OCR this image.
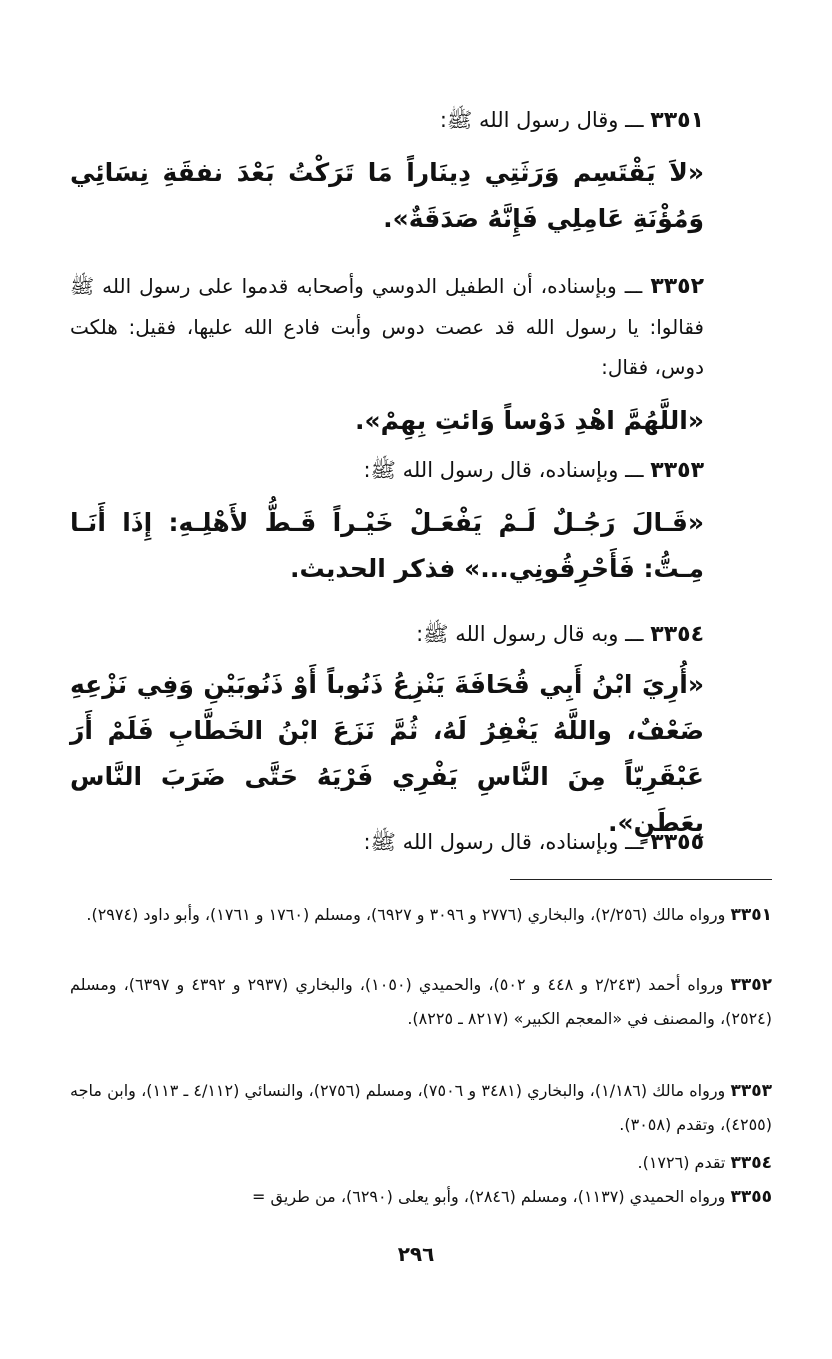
٣٣٥١ ـــ وقال رسول الله ﷺ:
«لاَ يَقْتَسِم وَرَثَتِي دِينَاراً مَا تَرَكْتُ بَعْدَ نفقَةِ نِسَائِي وَمُؤْنَةِ عَامِلِي فَإِنَّهُ صَدَقَةٌ».
٣٣٥٢ ـــ وبإسناده، أن الطفيل الدوسي وأصحابه قدموا على رسول الله ﷺ فقالوا: يا رسول الله قد عصت دوس وأبت فادع الله عليها، فقيل: هلكت دوس، فقال:
«اللَّهُمَّ اهْدِ دَوْساً وَائتِ بِهِمْ».
٣٣٥٣ ـــ وبإسناده، قال رسول الله ﷺ:
«قَـالَ رَجُـلٌ لَـمْ يَفْعَـلْ خَيْـراً قَـطُّ لأَهْلِـهِ: إِذَا أَنَـا مِـتُّ: فَأَحْرِقُونِي...» فذكر الحديث.
٣٣٥٤ ـــ وبه قال رسول الله ﷺ:
«أُرِيَ ابْنُ أَبِي قُحَافَةَ يَنْزِعُ ذَنُوباً أَوْ ذَنُوبَيْنِ وَفِي نَزْعِهِ ضَعْفٌ، واللَّهُ يَغْفِرُ لَهُ، ثُمَّ نَزَعَ ابْنُ الخَطَّابِ فَلَمْ أَرَ عَبْقَرِيّاً مِنَ النَّاسِ يَفْرِي فَرْيَهُ حَتَّى ضَرَبَ النَّاس بِعَطَنٍ».
٣٣٥٥ ـــ وبإسناده، قال رسول الله ﷺ:
٣٣٥١ ورواه مالك (٢/٢٥٦)، والبخاري (٢٧٧٦ و ٣٠٩٦ و ٦٩٢٧)، ومسلم (١٧٦٠ و ١٧٦١)، وأبو داود (٢٩٧٤).
٣٣٥٢ ورواه أحمد (٢/٢٤٣ و ٤٤٨ و ٥٠٢)، والحميدي (١٠٥٠)، والبخاري (٢٩٣٧ و ٤٣٩٢ و ٦٣٩٧)، ومسلم (٢٥٢٤)، والمصنف في «المعجم الكبير» (٨٢١٧ ـ ٨٢٢٥).
٣٣٥٣ ورواه مالك (١/١٨٦)، والبخاري (٣٤٨١ و ٧٥٠٦)، ومسلم (٢٧٥٦)، والنسائي (٤/١١٢ ـ ١١٣)، وابن ماجه (٤٢٥٥)، وتقدم (٣٠٥٨).
٣٣٥٤ تقدم (١٧٢٦).
٣٣٥٥ ورواه الحميدي (١١٣٧)، ومسلم (٢٨٤٦)، وأبو يعلى (٦٢٩٠)، من طريق =
٢٩٦
